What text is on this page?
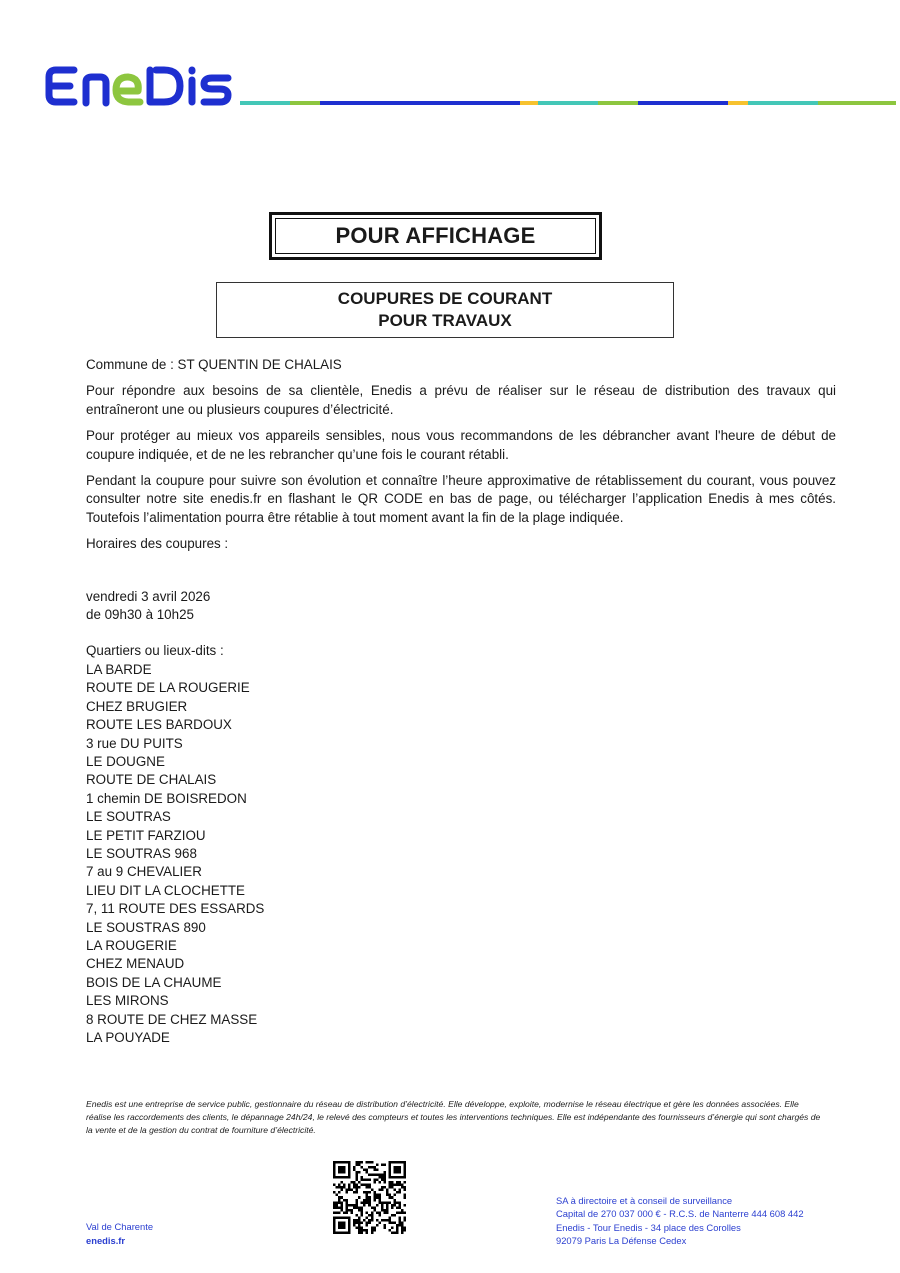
POUR AFFICHAGE
COUPURES DE COURANT
POUR TRAVAUX

Commune de : ST QUENTIN DE CHALAIS

Pour répondre aux besoins de sa clientèle, Enedis a prévu de réaliser sur le réseau de distribution des travaux qui entraîneront une ou plusieurs coupures d’électricité.

Pour protéger au mieux vos appareils sensibles, nous vous recommandons de les débrancher avant l'heure de début de coupure indiquée, et de ne les rebrancher qu’une fois le courant rétabli.

Pendant la coupure pour suivre son évolution et connaître l’heure approximative de rétablissement du courant, vous pouvez consulter notre site enedis.fr en flashant le QR CODE en bas de page, ou télécharger l’application Enedis à mes côtés. Toutefois l’alimentation pourra être rétablie à tout moment avant la fin de la plage indiquée.

Horaires des coupures :

vendredi 3 avril 2026
de 09h30 à 10h25
Quartiers ou lieux-dits :
LA BARDE
ROUTE DE LA ROUGERIE
CHEZ BRUGIER
ROUTE LES BARDOUX
3 rue DU PUITS
LE DOUGNE
ROUTE DE CHALAIS
1 chemin DE BOISREDON
LE SOUTRAS
LE PETIT FARZIOU
LE SOUTRAS 968
7 au 9 CHEVALIER
LIEU DIT LA CLOCHETTE
7, 11 ROUTE DES ESSARDS
LE SOUSTRAS 890
LA ROUGERIE
CHEZ MENAUD
BOIS DE LA CHAUME
LES MIRONS
8 ROUTE DE CHEZ MASSE
LA POUYADE
Enedis est une entreprise de service public, gestionnaire du réseau de distribution d’électricité. Elle développe, exploite, modernise le réseau électrique et gère les données associées. Elle réalise les raccordements des clients, le dépannage 24h/24, le relevé des compteurs et toutes les interventions techniques. Elle est indépendante des fournisseurs d’énergie qui sont chargés de la vente et de la gestion du contrat de fourniture d’électricité.
Val de Charente
enedis.fr
SA à directoire et à conseil de surveillance
Capital de 270 037 000 € - R.C.S. de Nanterre 444 608 442
Enedis - Tour Enedis - 34 place des Corolles
92079 Paris La Défense Cedex
